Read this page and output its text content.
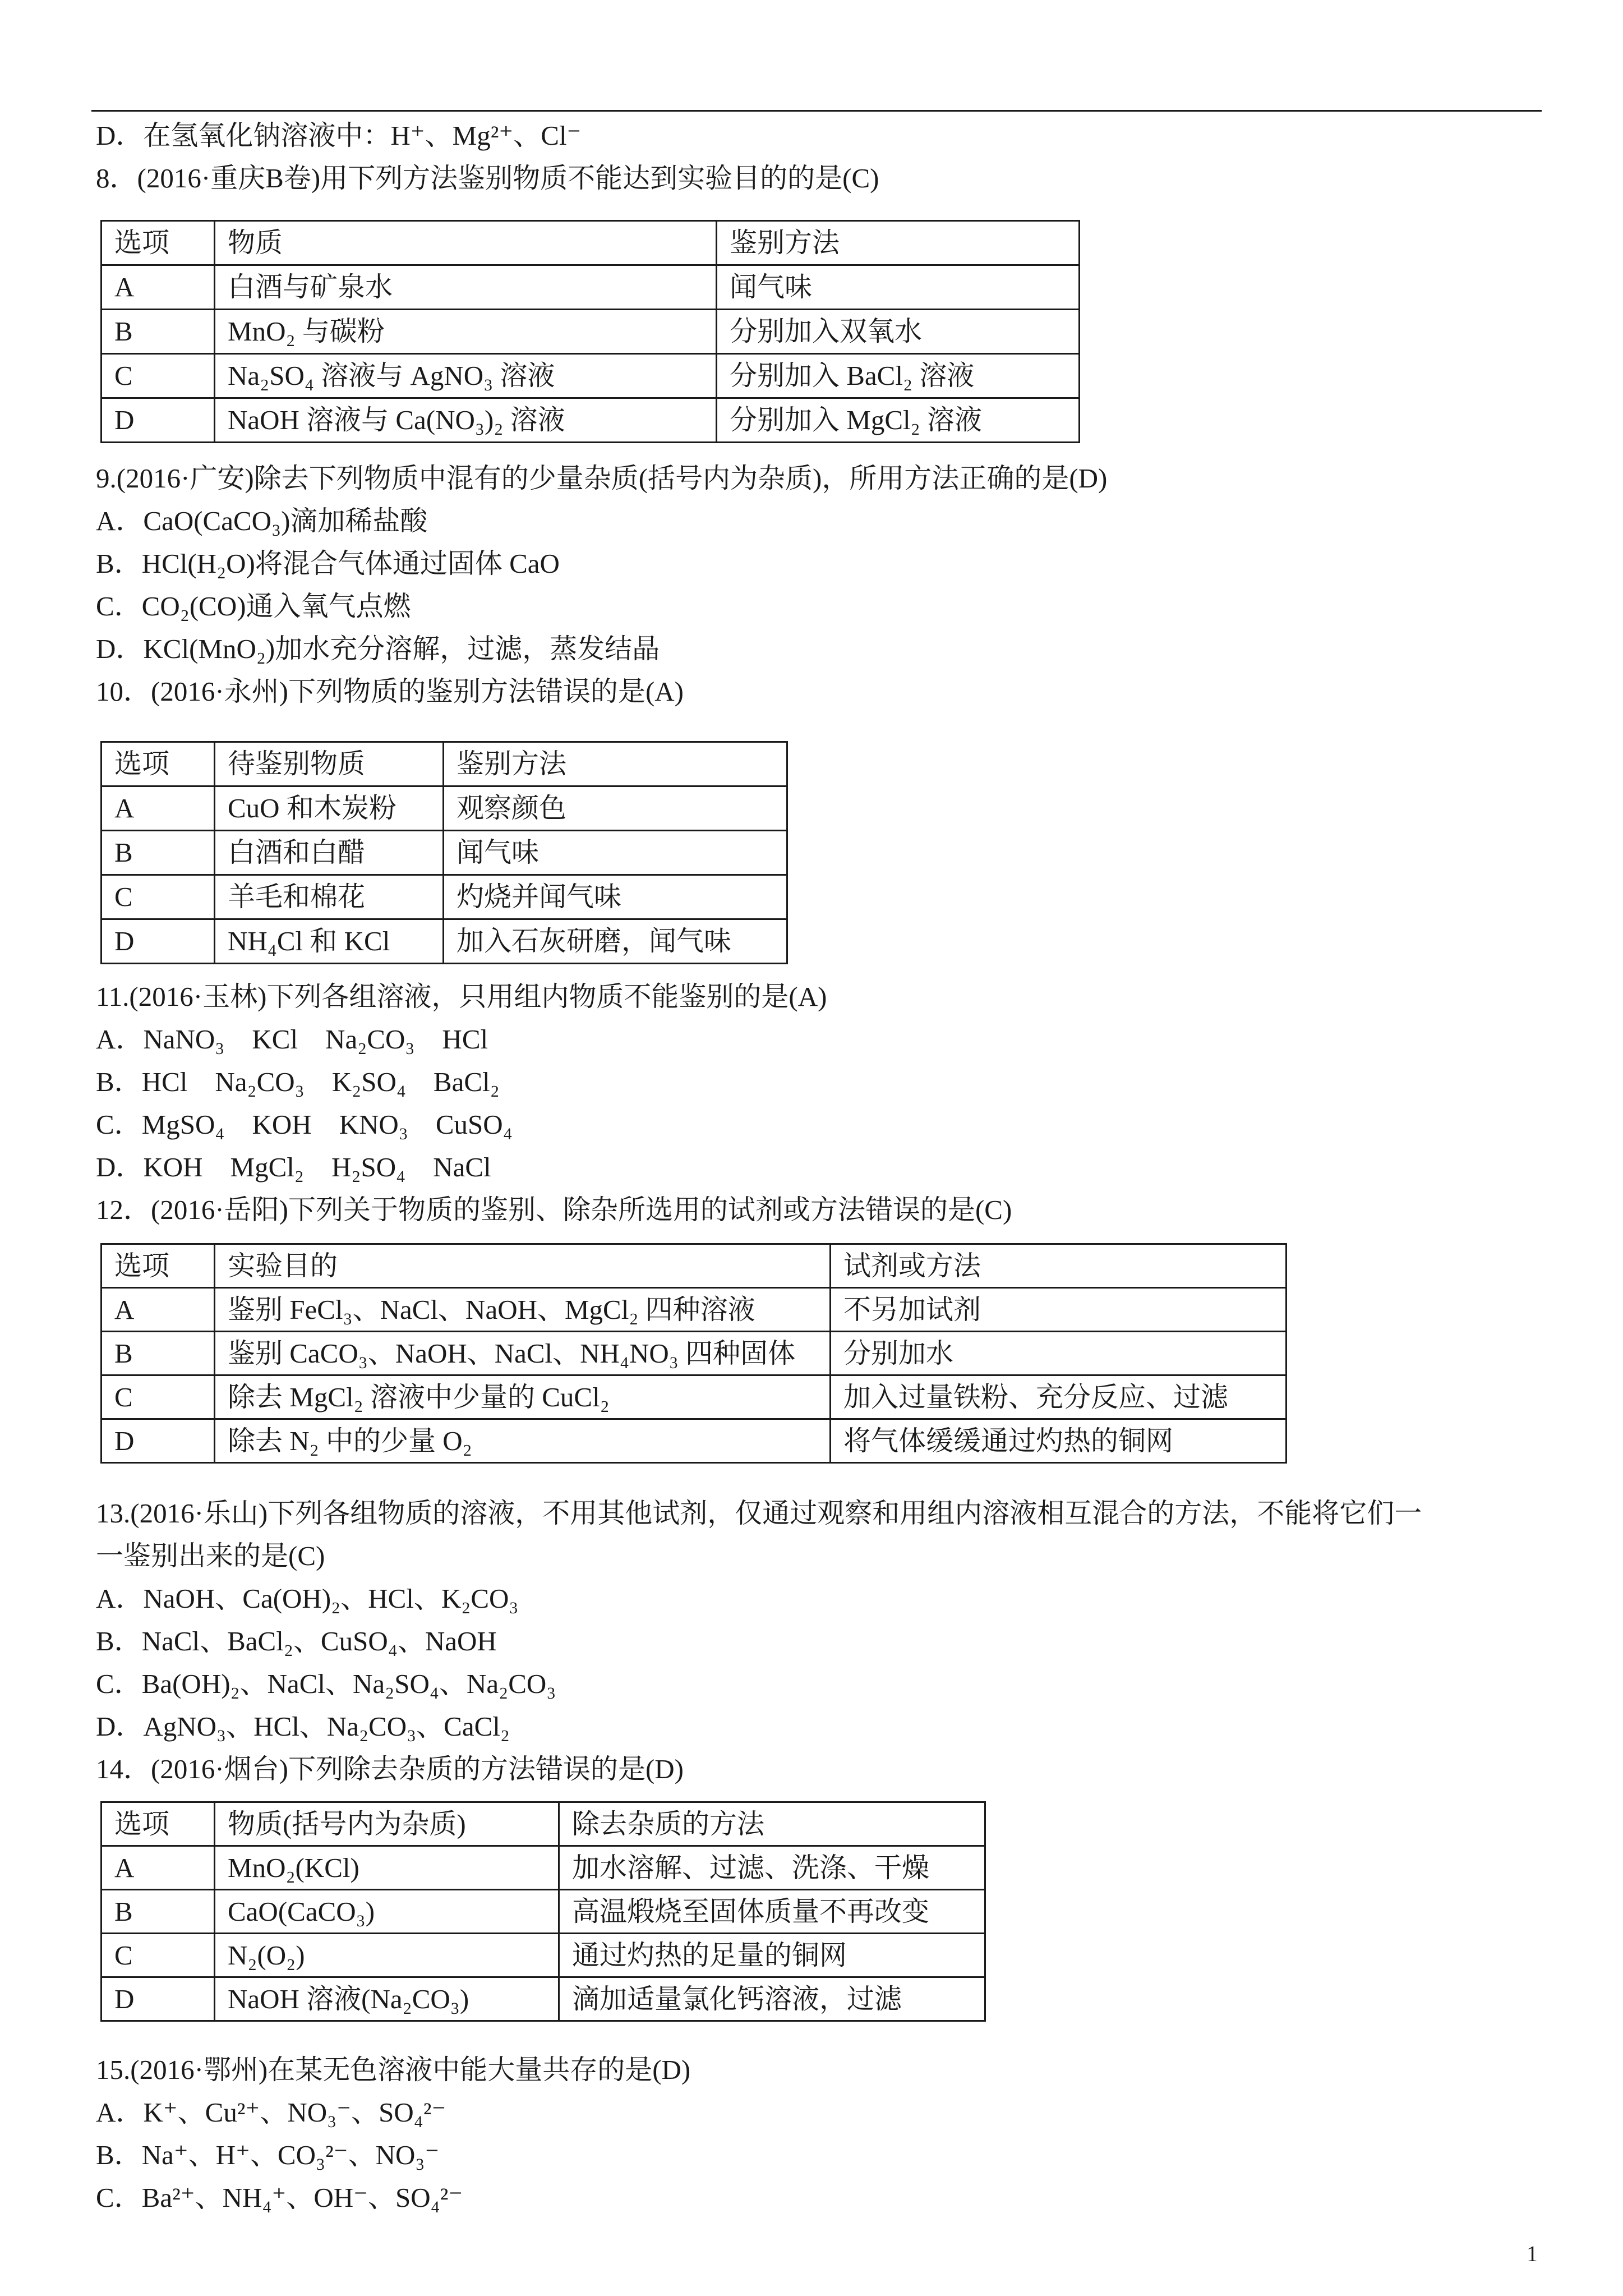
D．在氢氧化钠溶液中：H⁺、Mg²⁺、Cl⁻
8．(2016·重庆B卷)用下列方法鉴别物质不能达到实验目的的是(C)
选项	物质	鉴别方法
A	白酒与矿泉水	闻气味
B	MnO₂ 与碳粉	分别加入双氧水
C	Na₂SO₄ 溶液与 AgNO₃ 溶液	分别加入 BaCl₂ 溶液
D	NaOH 溶液与 Ca(NO₃)₂ 溶液	分别加入 MgCl₂ 溶液
9.(2016·广安)除去下列物质中混有的少量杂质(括号内为杂质)，所用方法正确的是(D)
A．CaO(CaCO₃)滴加稀盐酸
B．HCl(H₂O)将混合气体通过固体 CaO
C．CO₂(CO)通入氧气点燃
D．KCl(MnO₂)加水充分溶解，过滤，蒸发结晶
10．(2016·永州)下列物质的鉴别方法错误的是(A)
选项	待鉴别物质	鉴别方法
A	CuO 和木炭粉	观察颜色
B	白酒和白醋	闻气味
C	羊毛和棉花	灼烧并闻气味
D	NH₄Cl 和 KCl	加入石灰研磨，闻气味
11.(2016·玉林)下列各组溶液，只用组内物质不能鉴别的是(A)
A．NaNO₃　KCl　Na₂CO₃　HCl
B．HCl　Na₂CO₃　K₂SO₄　BaCl₂
C．MgSO₄　KOH　KNO₃　CuSO₄
D．KOH　MgCl₂　H₂SO₄　NaCl
12．(2016·岳阳)下列关于物质的鉴别、除杂所选用的试剂或方法错误的是(C)
选项	实验目的	试剂或方法
A	鉴别 FeCl₃、NaCl、NaOH、MgCl₂ 四种溶液	不另加试剂
B	鉴别 CaCO₃、NaOH、NaCl、NH₄NO₃ 四种固体	分别加水
C	除去 MgCl₂ 溶液中少量的 CuCl₂	加入过量铁粉、充分反应、过滤
D	除去 N₂ 中的少量 O₂	将气体缓缓通过灼热的铜网
13.(2016·乐山)下列各组物质的溶液，不用其他试剂，仅通过观察和用组内溶液相互混合的方法，不能将它们一
一鉴别出来的是(C)
A．NaOH、Ca(OH)₂、HCl、K₂CO₃
B．NaCl、BaCl₂、CuSO₄、NaOH
C．Ba(OH)₂、NaCl、Na₂SO₄、Na₂CO₃
D．AgNO₃、HCl、Na₂CO₃、CaCl₂
14．(2016·烟台)下列除去杂质的方法错误的是(D)
选项	物质(括号内为杂质)	除去杂质的方法
A	MnO₂(KCl)	加水溶解、过滤、洗涤、干燥
B	CaO(CaCO₃)	高温煅烧至固体质量不再改变
C	N₂(O₂)	通过灼热的足量的铜网
D	NaOH 溶液(Na₂CO₃)	滴加适量氯化钙溶液，过滤
15.(2016·鄂州)在某无色溶液中能大量共存的是(D)
A．K⁺、Cu²⁺、NO₃⁻、SO₄²⁻
B．Na⁺、H⁺、CO₃²⁻、NO₃⁻
C．Ba²⁺、NH₄⁺、OH⁻、SO₄²⁻
1
